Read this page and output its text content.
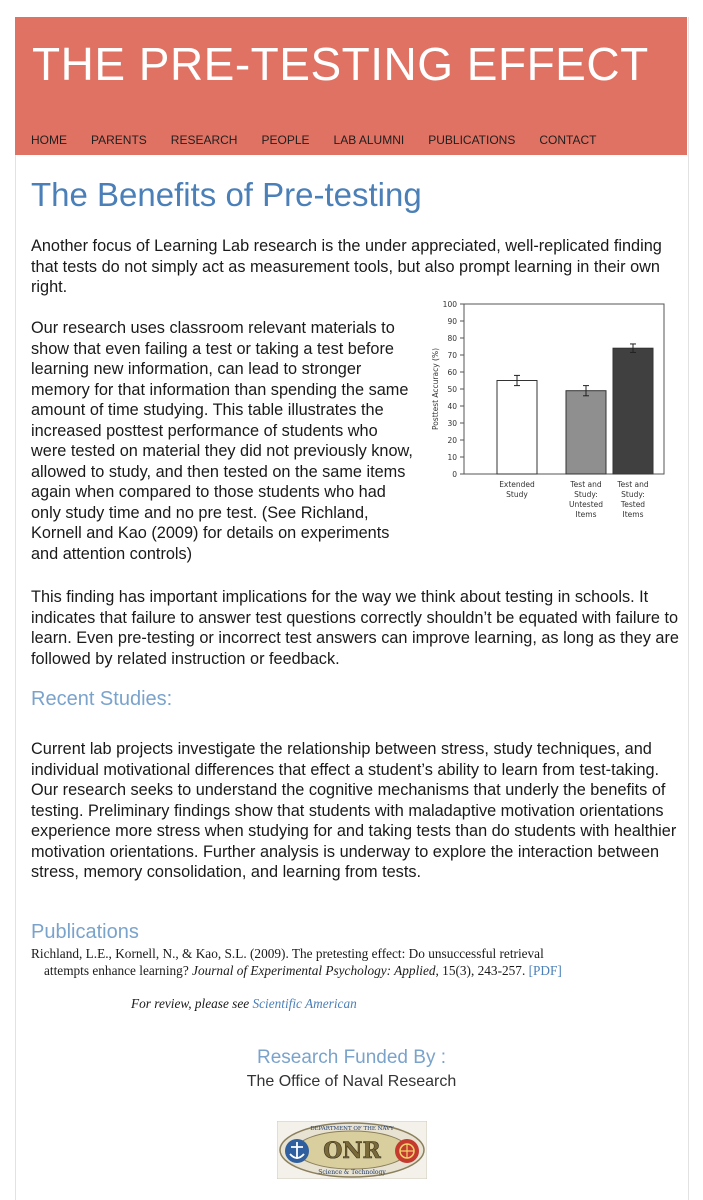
THE PRE-TESTING EFFECT
HOME PARENTS RESEARCH PEOPLE LAB ALUMNI PUBLICATIONS CONTACT
The Benefits of Pre-testing

Another focus of Learning Lab research is the under appreciated, well-replicated finding that tests do not simply act as measurement tools, but also prompt learning in their own right.

Our research uses classroom relevant materials to show that even failing a test or taking a test before learning new information, can lead to stronger memory for that information than spending the same amount of time studying. This table illustrates the increased posttest performance of students who were tested on material they did not previously know, allowed to study, and then tested on the same items again when compared to those students who had only study time and no pre test. (See Richland, Kornell and Kao (2009) for details on experiments and attention controls)

0
10
20
30
40
50
60
70
80
90
100
Posttest Accuracy (%)
Extended
Study
Test and
Study:
Untested
Items
Test and
Study:
Tested
Items

This finding has important implications for the way we think about testing in schools. It indicates that failure to answer test questions correctly shouldn’t be equated with failure to learn. Even pre-testing or incorrect test answers can improve learning, as long as they are followed by related instruction or feedback.

Recent Studies:

Current lab projects investigate the relationship between stress, study techniques, and individual motivational differences that effect a student’s ability to learn from test-taking. Our research seeks to understand the cognitive mechanisms that underly the benefits of testing. Preliminary findings show that students with maladaptive motivation orientations experience more stress when studying for and taking tests than do students with healthier motivation orientations. Further analysis is underway to explore the interaction between stress, memory consolidation, and learning from tests.

Publications

Richland, L.E., Kornell, N., & Kao, S.L. (2009). The pretesting effect: Do unsuccessful retrieval
attempts enhance learning? Journal of Experimental Psychology: Applied, 15(3), 243-257. [PDF]

For review, please see Scientific American

Research Funded By :

The Office of Naval Research

DEPARTMENT OF THE NAVY
ONR
Science & Technology
